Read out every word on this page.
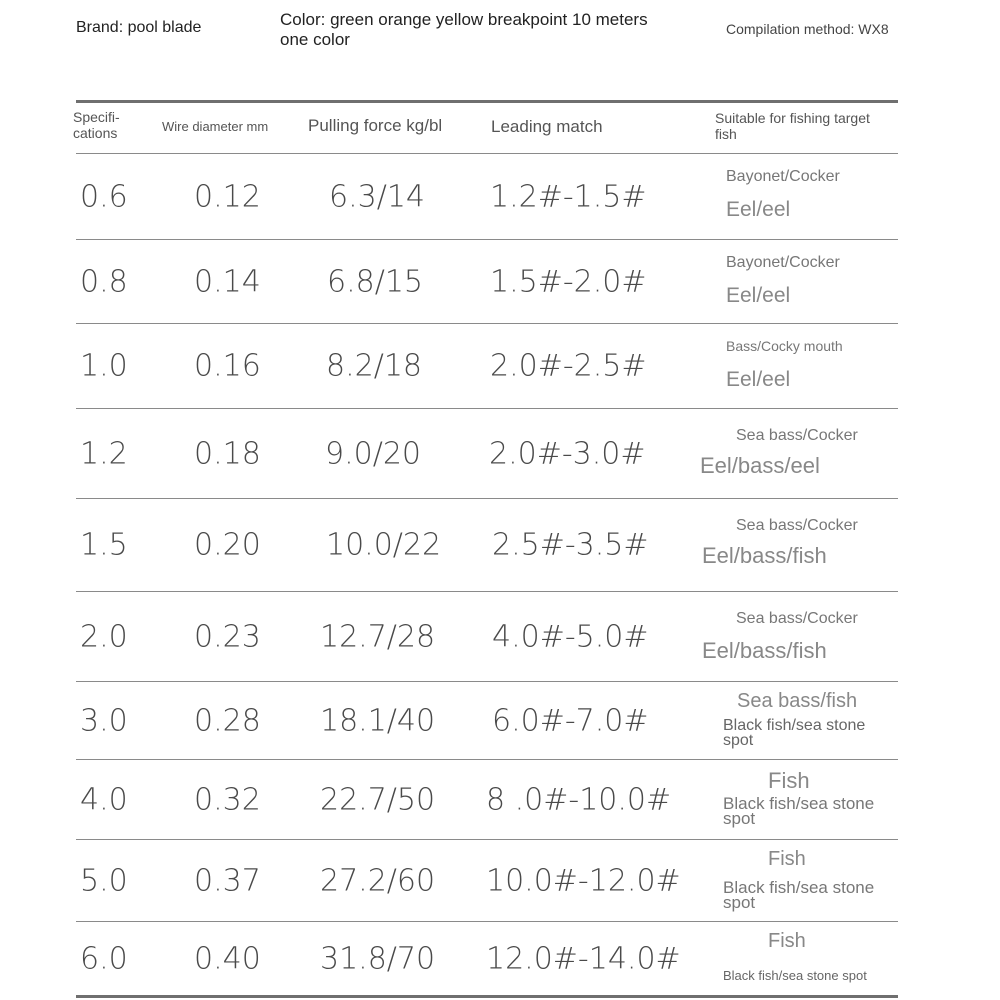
Brand: pool blade	Color: green orange yellow breakpoint 10 meters one color
Compilation method: WX8
Specifi-cations	Wire diameter mm Pulling force kg/bl	Leading match	Suitable for fishing target fish
0.6 0.12 6.3/14 1.2#-1.5#
Bayonet/Cocker
Eel/eel
0.8 0.14 6.8/15 1.5#-2.0#
Bayonet/Cocker
Eel/eel
1.0 0.16 8.2/18 2.0#-2.5#
Bass/Cocky mouth
Eel/eel
1.2 0.18 9.0/20 2.0#-3.0#
Sea bass/Cocker
Eel/bass/eel
1.5 0.20 10.0/22 2.5#-3.5#
Sea bass/Cocker
Eel/bass/fish
2.0 0.23 12.7/28 4.0#-5.0#
Sea bass/Cocker
Eel/bass/fish
3.0 0.28 18.1/40 6.0#-7.0#
Sea bass/fish
Black fish/sea stone spot
4.0 0.32 22.7/50 8 .0#-10.0#
Fish
Black fish/sea stone spot
5.0 0.37 27.2/60 10.0#-12.0#
Fish
Black fish/sea stone spot
6.0 0.40 31.8/70 12.0#-14.0#
Fish
Black fish/sea stone spot
